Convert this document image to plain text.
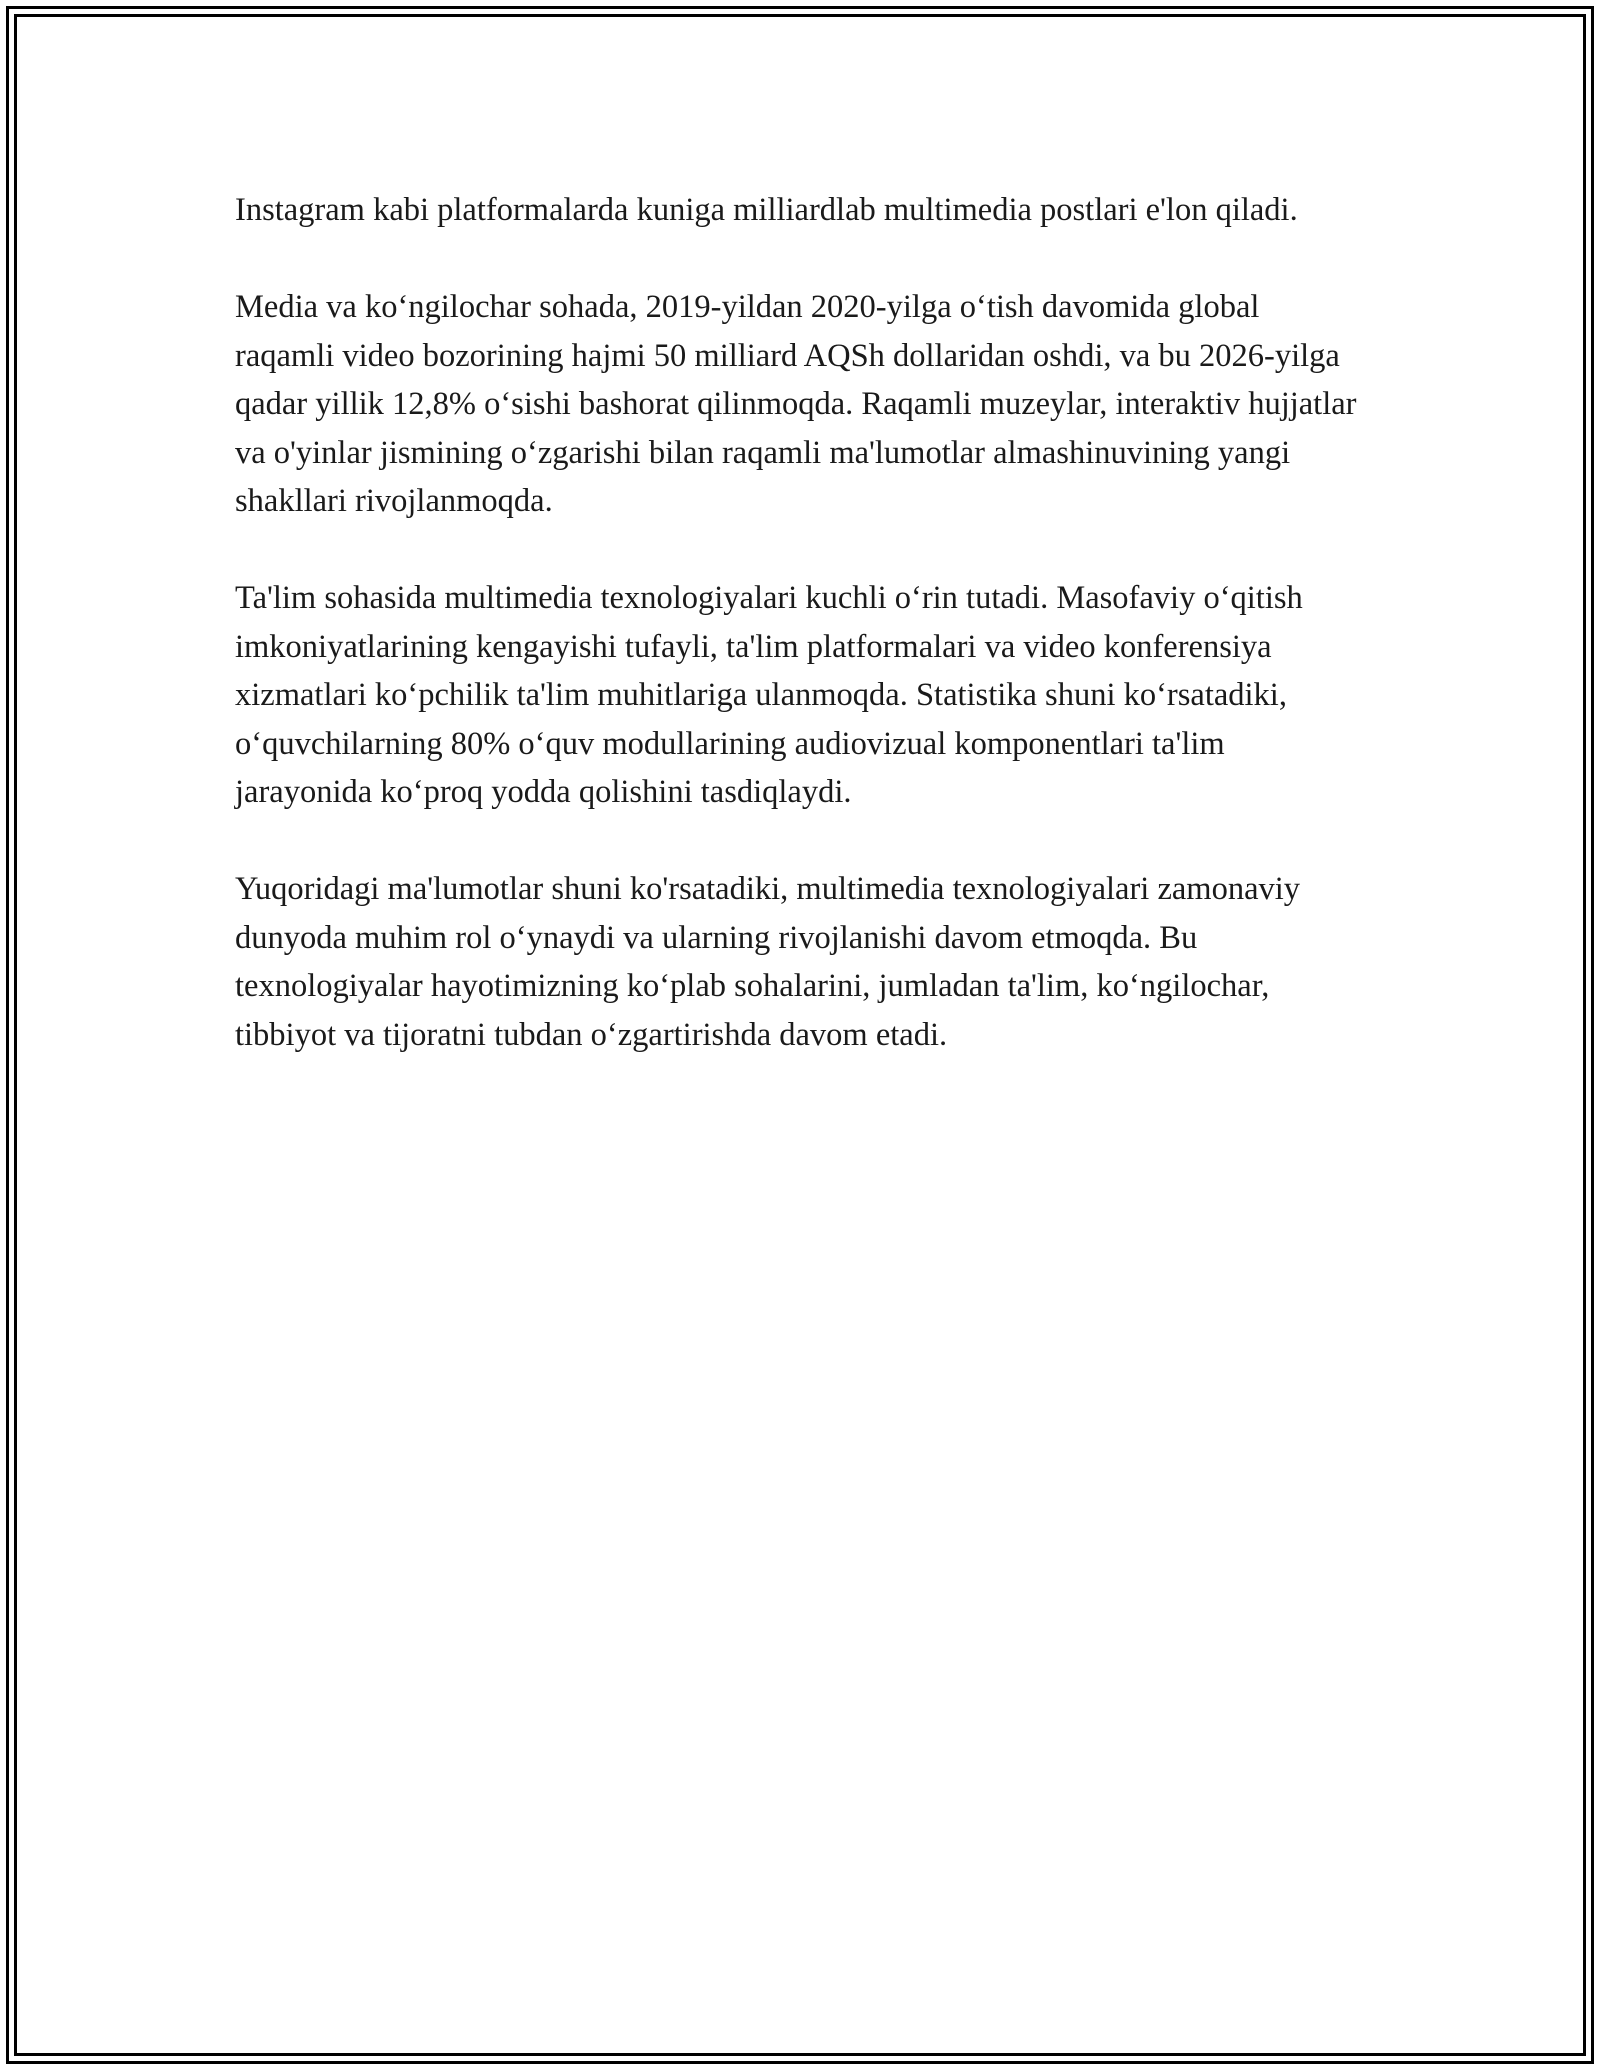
Instagram kabi platformalarda kuniga milliardlab multimedia postlari e'lon qiladi.

Media va koʻngilochar sohada, 2019-yildan 2020-yilga oʻtish davomida global raqamli video bozorining hajmi 50 milliard AQSh dollaridan oshdi, va bu 2026-yilga qadar yillik 12,8% oʻsishi bashorat qilinmoqda. Raqamli muzeylar, interaktiv hujjatlar va o'yinlar jismining oʻzgarishi bilan raqamli ma'lumotlar almashinuvining yangi shakllari rivojlanmoqda.

Ta'lim sohasida multimedia texnologiyalari kuchli oʻrin tutadi. Masofaviy oʻqitish imkoniyatlarining kengayishi tufayli, ta'lim platformalari va video konferensiya xizmatlari koʻpchilik ta'lim muhitlariga ulanmoqda. Statistika shuni koʻrsatadiki, oʻquvchilarning 80% oʻquv modullarining audiovizual komponentlari ta'lim jarayonida koʻproq yodda qolishini tasdiqlaydi.

Yuqoridagi ma'lumotlar shuni ko'rsatadiki, multimedia texnologiyalari zamonaviy dunyoda muhim rol oʻynaydi va ularning rivojlanishi davom etmoqda. Bu texnologiyalar hayotimizning koʻplab sohalarini, jumladan ta'lim, koʻngilochar, tibbiyot va tijoratni tubdan oʻzgartirishda davom etadi.
